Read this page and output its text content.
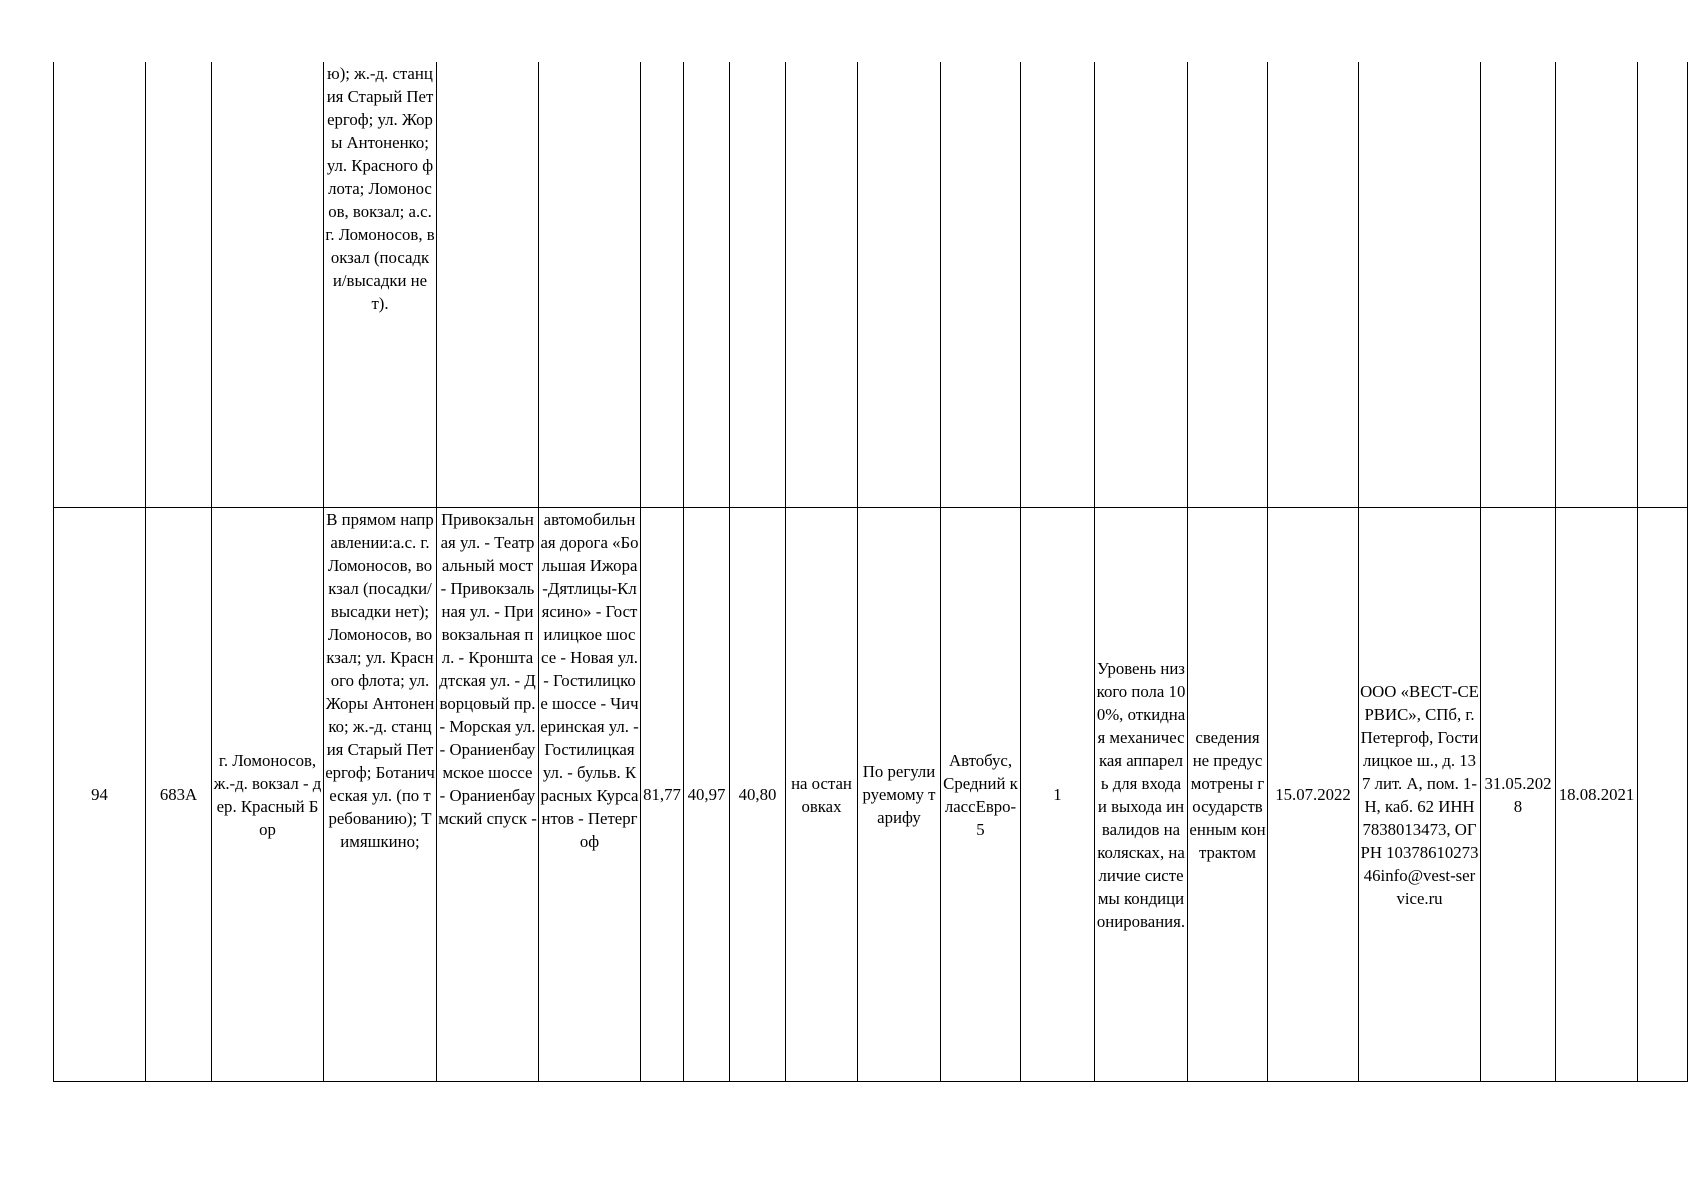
			ю); ж.-д. станция Старый Петергоф; ул. Жоры Антоненко; ул. Красного флота; Ломоносов, вокзал; а.с. г. Ломоносов, вокзал (посадки/высадки нет).																
94	683А	г. Ломоносов, ж.-д. вокзал - дер. Красный Бор	В прямом направлении:а.с. г. Ломоносов, вокзал (посадки/высадки нет); Ломоносов, вокзал; ул. Красного флота; ул. Жоры Антоненко; ж.-д. станция Старый Петергоф; Ботаническая ул. (по требованию); Тимяшкино;	Привокзальная ул. - Театральный мост - Привокзальная ул. - Привокзальная пл. - Кронштадтская ул. - Дворцовый пр. - Морская ул. - Ораниенбаумское шоссе - Ораниенбаумский спуск -	автомобильная дорога «Большая Ижора-Дятлицы-Клясино» - Гостилицкое шоссе - Новая ул. - Гостилицкое шоссе - Чичеринская ул. - Гостилицкая ул. - бульв. Красных Курсантов - Петергоф	81,77	40,97	40,80	на остановках	По регулируемому тарифу	Автобус, Средний классЕвро-5	1	Уровень низкого пола 100%, откидная механическая аппарель для входа и выхода инвалидов на колясках, наличие системы кондиционирования.	сведения не предусмотрены государственным контрактом	15.07.2022	ООО «ВЕСТ-СЕРВИС», СПб, г. Петергоф, Гостилицкое ш., д. 137 лит. А, пом. 1-Н, каб. 62 ИНН 7838013473, ОГРН 1037861027346info@vest-service.ru	31.05.2028	18.08.2021	
